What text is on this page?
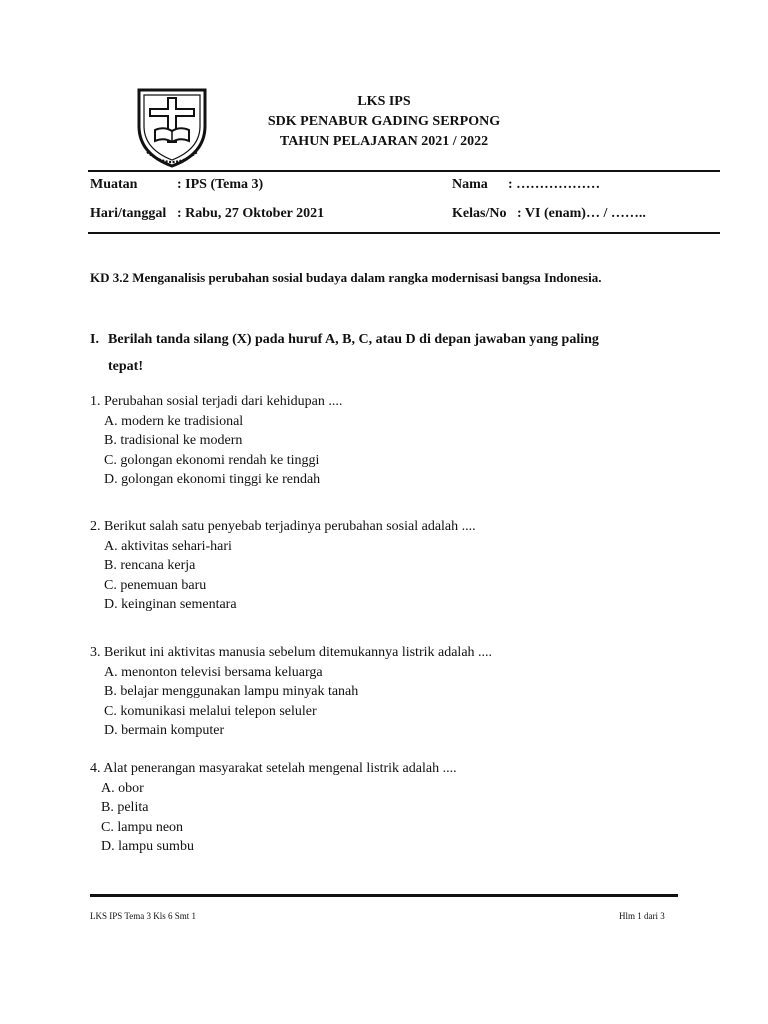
LKS IPS
SDK PENABUR GADING SERPONG
TAHUN PELAJARAN 2021 / 2022
Muatan	: IPS (Tema 3)	Nama : ………………
Hari/tanggal : Rabu, 27 Oktober 2021	Kelas/No : VI (enam)… / ……..
KD 3.2 Menganalisis perubahan sosial budaya dalam rangka modernisasi bangsa Indonesia.
I. Berilah tanda silang (X) pada huruf A, B, C, atau D di depan jawaban yang paling
tepat!
1. Perubahan sosial terjadi dari kehidupan ....
A. modern ke tradisional
B. tradisional ke modern
C. golongan ekonomi rendah ke tinggi
D. golongan ekonomi tinggi ke rendah
2. Berikut salah satu penyebab terjadinya perubahan sosial adalah ....
A. aktivitas sehari-hari
B. rencana kerja
C. penemuan baru
D. keinginan sementara
3. Berikut ini aktivitas manusia sebelum ditemukannya listrik adalah ....
A. menonton televisi bersama keluarga
B. belajar menggunakan lampu minyak tanah
C. komunikasi melalui telepon seluler
D. bermain komputer
4. Alat penerangan masyarakat setelah mengenal listrik adalah ....
A. obor
B. pelita
C. lampu neon
D. lampu sumbu
LKS IPS Tema 3 Kls 6 Smt 1	Hlm 1 dari 3
